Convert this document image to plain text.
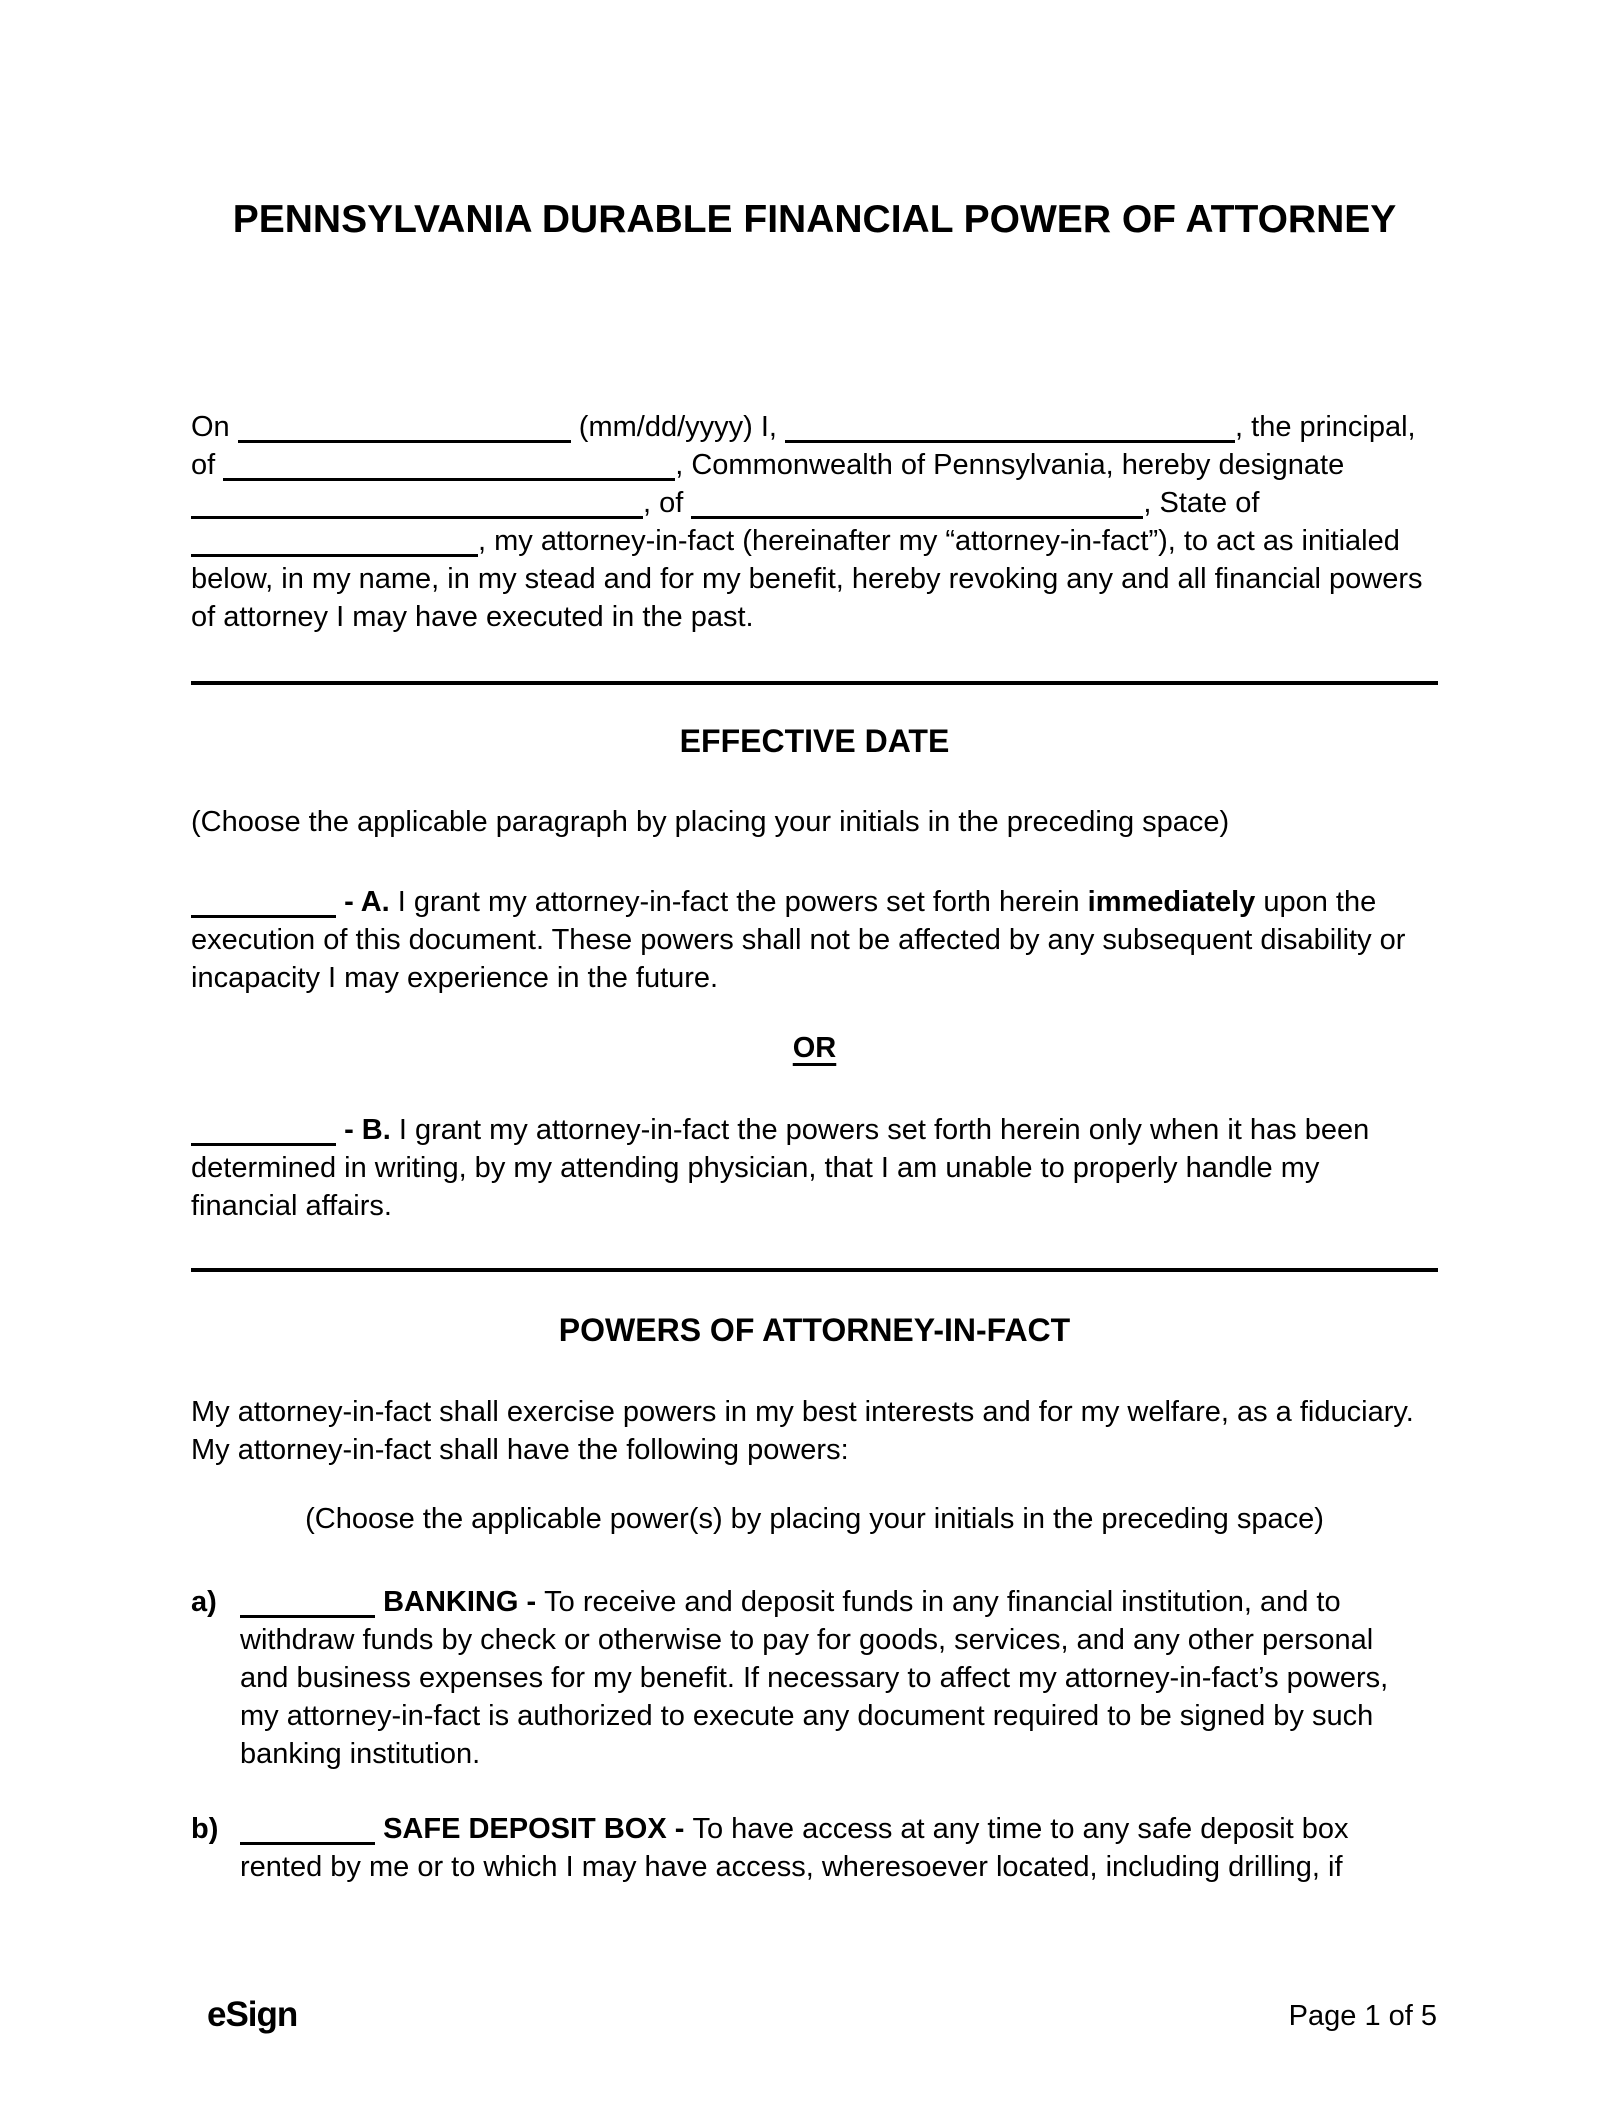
PENNSYLVANIA DURABLE FINANCIAL POWER OF ATTORNEY
On	(mm/dd/yyyy) I,	, the principal,
of	, Commonwealth of Pennsylvania, hereby designate
, of	, State of
, my attorney-in-fact (hereinafter my “attorney-in-fact”), to act as initialed
below, in my name, in my stead and for my benefit, hereby revoking any and all financial powers
of attorney I may have executed in the past.
EFFECTIVE DATE
(Choose the applicable paragraph by placing your initials in the preceding space)
- A. I grant my attorney-in-fact the powers set forth herein immediately upon the
execution of this document. These powers shall not be affected by any subsequent disability or
incapacity I may experience in the future.
OR
- B. I grant my attorney-in-fact the powers set forth herein only when it has been
determined in writing, by my attending physician, that I am unable to properly handle my
financial affairs.
POWERS OF ATTORNEY-IN-FACT
My attorney-in-fact shall exercise powers in my best interests and for my welfare, as a fiduciary.
My attorney-in-fact shall have the following powers:
(Choose the applicable power(s) by placing your initials in the preceding space)
a)	BANKING - To receive and deposit funds in any financial institution, and to
withdraw funds by check or otherwise to pay for goods, services, and any other personal
and business expenses for my benefit. If necessary to affect my attorney-in-fact’s powers,
my attorney-in-fact is authorized to execute any document required to be signed by such
banking institution.
b)	SAFE DEPOSIT BOX - To have access at any time to any safe deposit box
rented by me or to which I may have access, wheresoever located, including drilling, if
eSign	Page 1 of 5
